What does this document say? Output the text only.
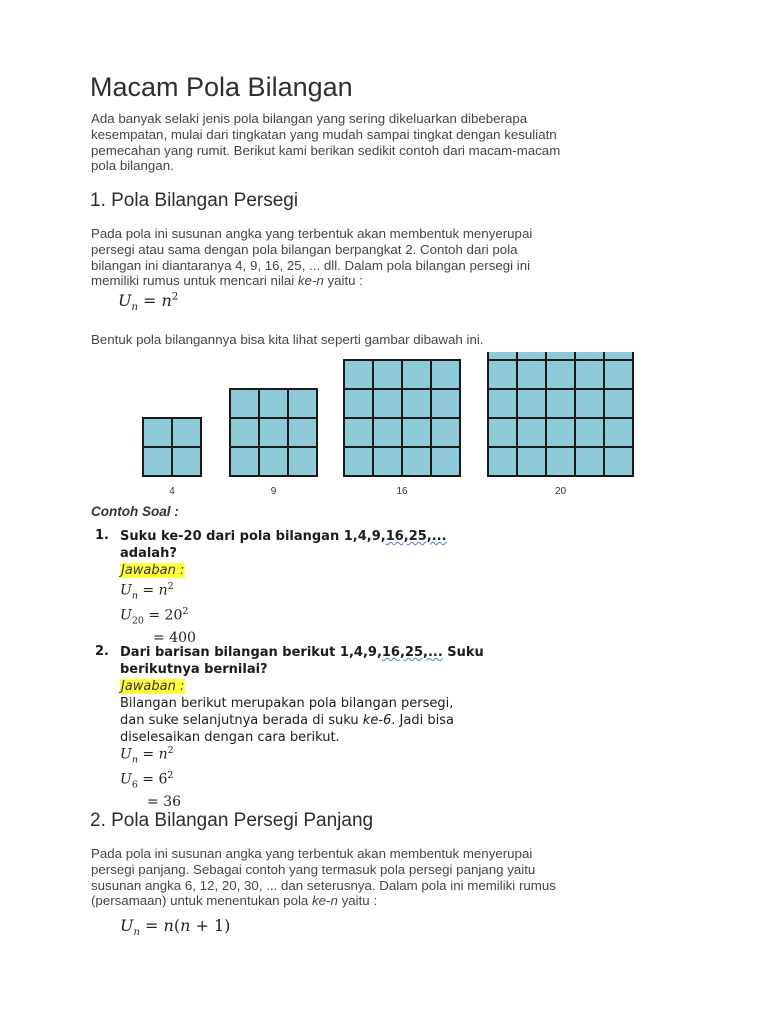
Macam Pola Bilangan
Ada banyak selaki jenis pola bilangan yang sering dikeluarkan dibeberapa
kesempatan, mulai dari tingkatan yang mudah sampai tingkat dengan kesuliatn
pemecahan yang rumit. Berikut kami berikan sedikit contoh dari macam-macam
pola bilangan.
1. Pola Bilangan Persegi
Pada pola ini susunan angka yang terbentuk akan membentuk menyerupai
persegi atau sama dengan pola bilangan berpangkat 2. Contoh dari pola
bilangan ini diantaranya 4, 9, 16, 25, ... dll. Dalam pola bilangan persegi ini
memiliki rumus untuk mencari nilai ke-n yaitu :
$U_n = n^2$
Bentuk pola bilangannya bisa kita lihat seperti gambar dibawah ini.
4	9	16	20
Contoh Soal :
1. Suku ke-20 dari pola bilangan 1,4,9,16,25,...
adalah?
Jawaban :
$U_n = n^2$
$U_{20} = 20^2$
= 400
2. Dari barisan bilangan berikut 1,4,9,16,25,... Suku
berikutnya bernilai?
Jawaban :
Bilangan berikut merupakan pola bilangan persegi,
dan suke selanjutnya berada di suku ke-6. Jadi bisa
diselesaikan dengan cara berikut.
$U_n = n^2$
$U_6 = 6^2$
= 36
2. Pola Bilangan Persegi Panjang
Pada pola ini susunan angka yang terbentuk akan membentuk menyerupai
persegi panjang. Sebagai contoh yang termasuk pola persegi panjang yaitu
susunan angka 6, 12, 20, 30, ... dan seterusnya. Dalam pola ini memiliki rumus
(persamaan) untuk menentukan pola ke-n yaitu :
$U_n = n(n + 1)$
